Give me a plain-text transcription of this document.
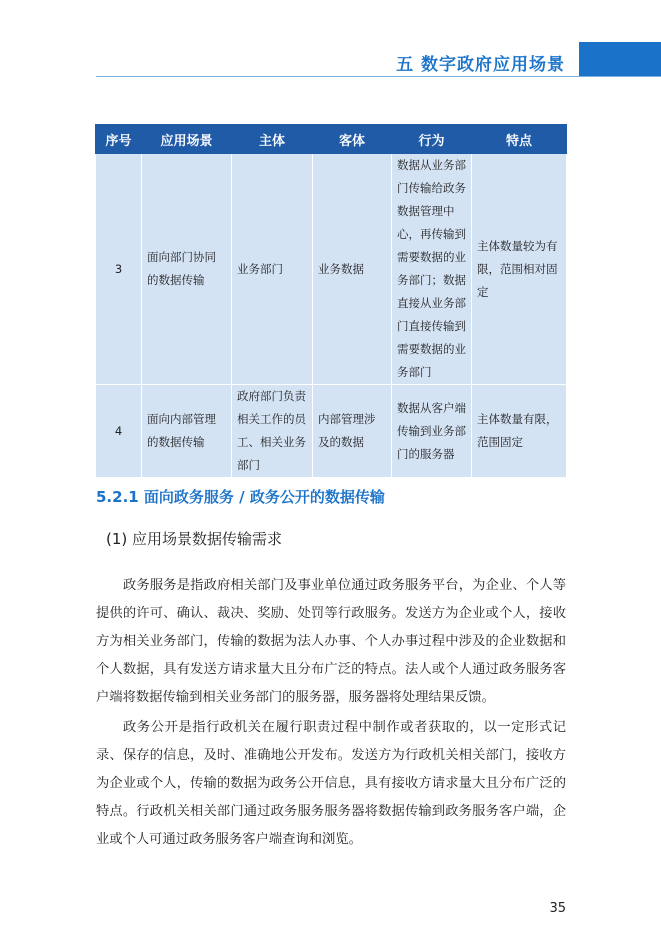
五 数字政府应用场景
序号	应用场景	主体	客体	行为	特点
3	面向部门协同的数据传输	业务部门	业务数据	数据从业务部门传输给政务数据管理中心，再传输到需要数据的业务部门；数据直接从业务部门直接传输到需要数据的业务部门	主体数量较为有限，范围相对固定
4	面向内部管理的数据传输	政府部门负责相关工作的员工、相关业务部门	内部管理涉及的数据	数据从客户端传输到业务部门的服务器	主体数量有限，范围固定
5.2.1 面向政务服务 / 政务公开的数据传输
(1) 应用场景数据传输需求

政务服务是指政府相关部门及事业单位通过政务服务平台，为企业、个人等提供的许可、确认、裁决、奖励、处罚等行政服务。发送方为企业或个人，接收方为相关业务部门，传输的数据为法人办事、个人办事过程中涉及的企业数据和个人数据，具有发送方请求量大且分布广泛的特点。法人或个人通过政务服务客户端将数据传输到相关业务部门的服务器，服务器将处理结果反馈。

政务公开是指行政机关在履行职责过程中制作或者获取的，以一定形式记录、保存的信息，及时、准确地公开发布。发送方为行政机关相关部门，接收方为企业或个人，传输的数据为政务公开信息，具有接收方请求量大且分布广泛的特点。行政机关相关部门通过政务服务服务器将数据传输到政务服务客户端，企业或个人可通过政务服务客户端查询和浏览。

35
